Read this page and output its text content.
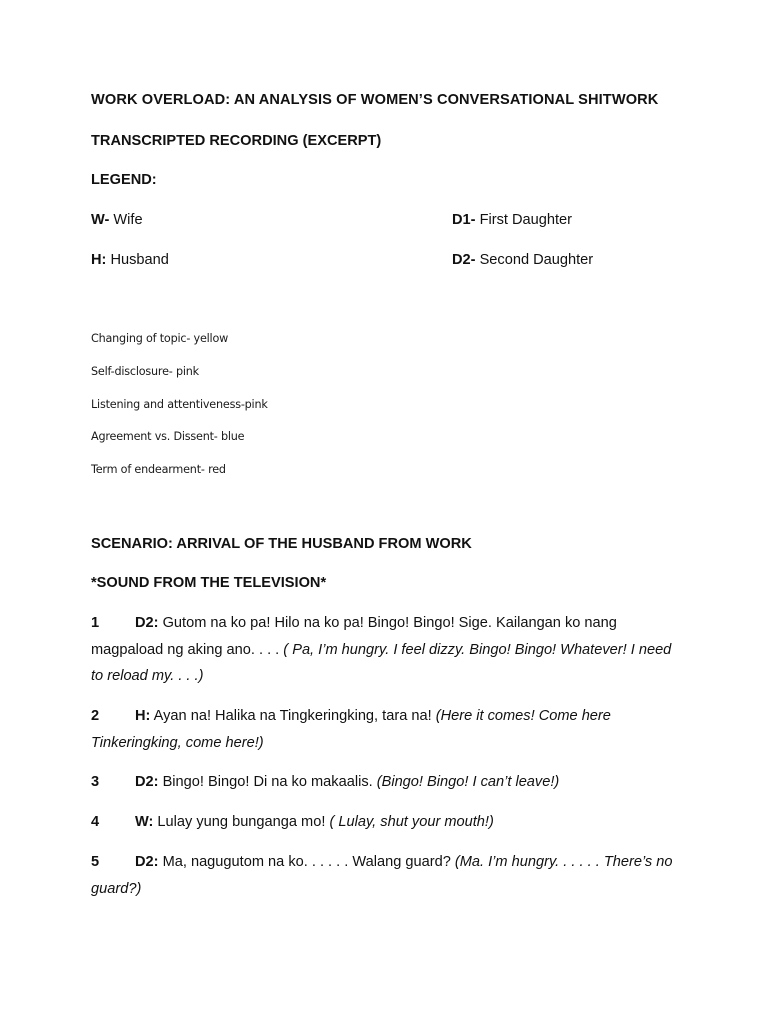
WORK OVERLOAD: AN ANALYSIS OF WOMEN’S CONVERSATIONAL SHITWORK
TRANSCRIPTED RECORDING (EXCERPT)
LEGEND:
W- Wife	D1- First Daughter
H: Husband	D2- Second Daughter
Changing of topic- yellow
Self-disclosure- pink
Listening and attentiveness-pink
Agreement vs. Dissent- blue
Term of endearment- red
SCENARIO: ARRIVAL OF THE HUSBAND FROM WORK
*SOUND FROM THE TELEVISION*
1 D2: Gutom na ko pa! Hilo na ko pa! Bingo! Bingo! Sige. Kailangan ko nang magpaload ng aking ano. . . . ( Pa, I’m hungry. I feel dizzy. Bingo! Bingo! Whatever! I need to reload my. . . .)
2 H: Ayan na! Halika na Tingkeringking, tara na! (Here it comes! Come here Tinkeringking, come here!)
3 D2: Bingo! Bingo! Di na ko makaalis. (Bingo! Bingo! I can’t leave!)
4 W: Lulay yung bunganga mo! ( Lulay, shut your mouth!)
5 D2: Ma, nagugutom na ko. . . . . . Walang guard? (Ma. I’m hungry. . . . . . There’s no guard?)
